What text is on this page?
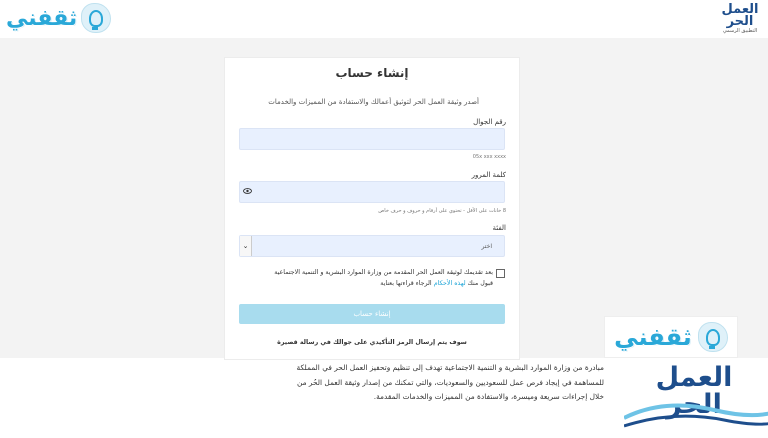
ثقفني	العمل
الحر
التطبيق الرسمي
إنشاء حساب
أصدر وثيقة العمل الحر لتوثيق أعمالك والاستفادة من المميزات والخدمات
رقم الجوال
05x xxx xxxx
كلمة المرور
8 خانات على الأقل - تحتوي على أرقام و حروف و حرف خاص
الفئة
⌄	اختر
بعد تقديمك لوثيقة العمل الحر المقدمة من وزارة الموارد البشرية و التنمية الاجتماعية
قبول منك لهذه الأحكام الرجاء قراءتها بعناية
إنشاء حساب
سوف يتم إرسال الرمز التأكيدي على جوالك في رسالة قصيرة
مبادرة من وزارة الموارد البشرية و التنمية الاجتماعية تهدف إلى تنظيم وتحفيز العمل الحر في المملكة
للمساهمة في إيجاد فرص عمل للسعوديين والسعوديات، والتي تمكنك من إصدار وثيقة العمل الحُر من
خلال إجراءات سريعة وميسرة، والاستفادة من المميزات والخدمات المقدمة.
ثقفني
العمل
الحر
